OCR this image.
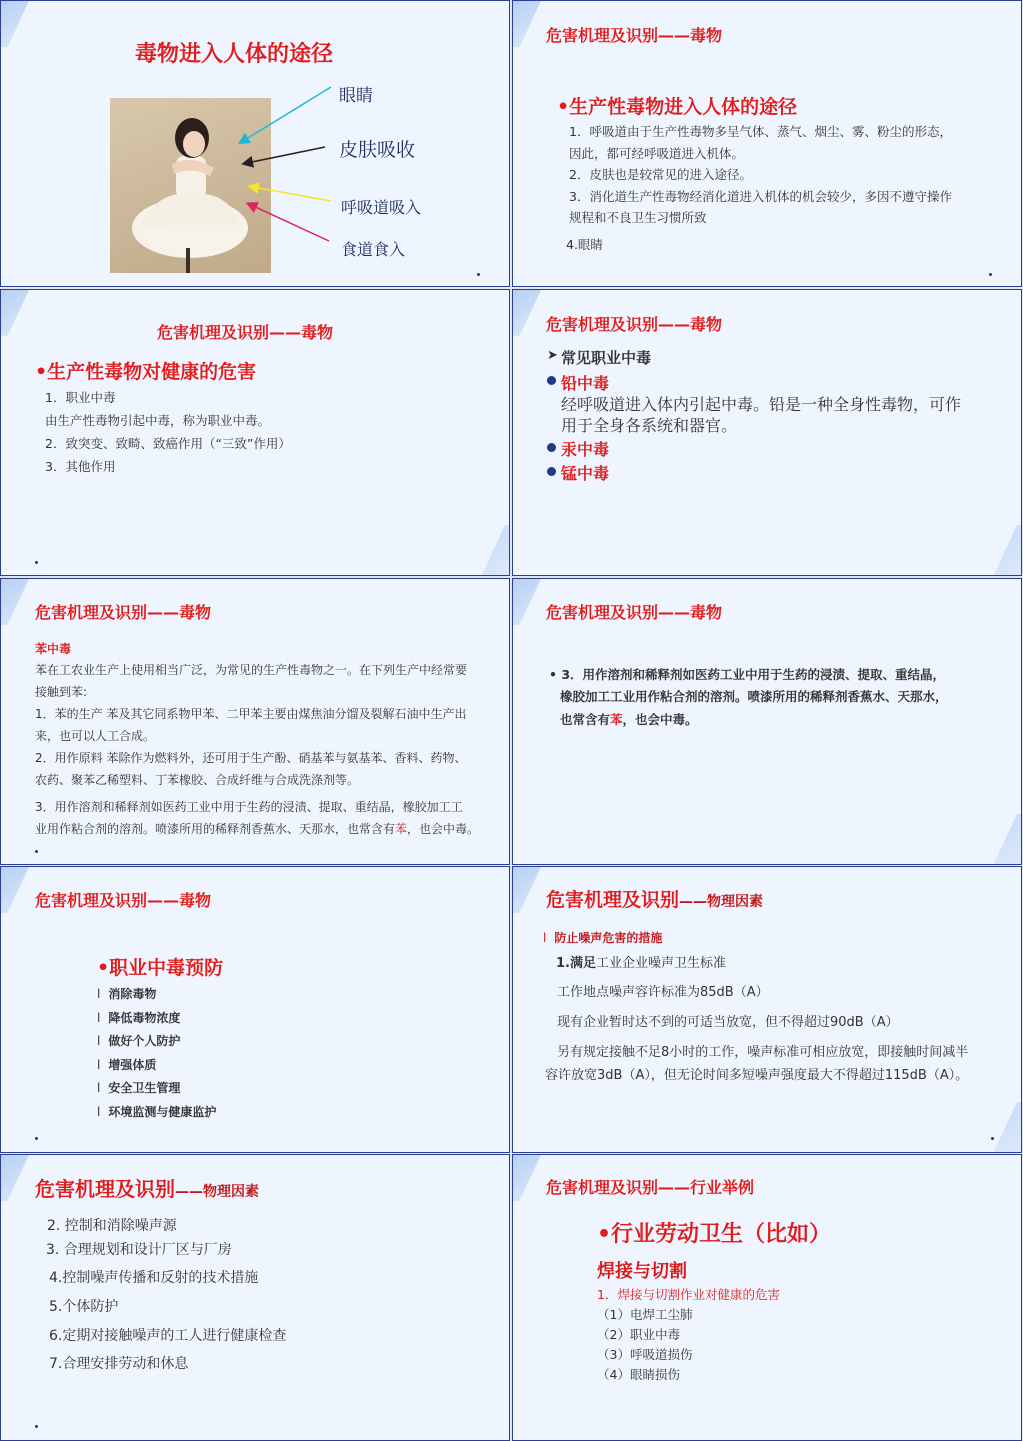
毒物进入人体的途径
眼睛
皮肤吸收
呼吸道吸入
食道食入
危害机理及识别——毒物
•生产性毒物进入人体的途径
1．呼吸道由于生产性毒物多呈气体、蒸气、烟尘、雾、粉尘的形态，
因此，都可经呼吸道进入机体。
2．皮肤也是较常见的进入途径。
3．消化道生产性毒物经消化道进入机体的机会较少，多因不遵守操作
规程和不良卫生习惯所致
4.眼睛
危害机理及识别——毒物
•生产性毒物对健康的危害
1．职业中毒
由生产性毒物引起中毒，称为职业中毒。
2．致突变、致畸、致癌作用（“三致”作用）
3．其他作用
危害机理及识别——毒物
➤ 常见职业中毒
铅中毒
经呼吸道进入体内引起中毒。铅是一种全身性毒物，可作
用于全身各系统和器官。
汞中毒
锰中毒
危害机理及识别——毒物
苯中毒
苯在工农业生产上使用相当广泛，为常见的生产性毒物之一。在下列生产中经常要
接触到苯:
1．苯的生产 苯及其它同系物甲苯、二甲苯主要由煤焦油分馏及裂解石油中生产出
来，也可以人工合成。
2．用作原料 苯除作为燃料外，还可用于生产酚、硝基苯与氨基苯、香料、药物、
农药、聚苯乙稀塑料、丁苯橡胶、合成纤维与合成洗涤剂等。
3．用作溶剂和稀释剂如医药工业中用于生药的浸渍、提取、重结晶，橡胶加工工
业用作粘合剂的溶剂。喷漆所用的稀释剂香蕉水、天那水，也常含有苯，也会中毒。
危害机理及识别——毒物
• 3．用作溶剂和稀释剂如医药工业中用于生药的浸渍、提取、重结晶，
橡胶加工工业用作粘合剂的溶剂。喷漆所用的稀释剂香蕉水、天那水，
也常含有苯，也会中毒。
危害机理及识别——毒物
•职业中毒预防
l 消除毒物
l 降低毒物浓度
l 做好个人防护
l 增强体质
l 安全卫生管理
l 环境监测与健康监护
危害机理及识别——物理因素
l 防止噪声危害的措施
1.满足工业企业噪声卫生标准
工作地点噪声容许标准为85dB（A）
现有企业暂时达不到的可适当放宽，但不得超过90dB（A）
另有规定接触不足8小时的工作，噪声标准可相应放宽，即接触时间减半
容许放宽3dB（A），但无论时间多短噪声强度最大不得超过115dB（A）。
危害机理及识别——物理因素
2. 控制和消除噪声源
3. 合理规划和设计厂区与厂房
4.控制噪声传播和反射的技术措施
5.个体防护
6.定期对接触噪声的工人进行健康检查
7.合理安排劳动和休息
危害机理及识别——行业举例
•行业劳动卫生（比如）
焊接与切割
1．焊接与切割作业对健康的危害
（1）电焊工尘肺
（2）职业中毒
（3）呼吸道损伤
（4）眼睛损伤
